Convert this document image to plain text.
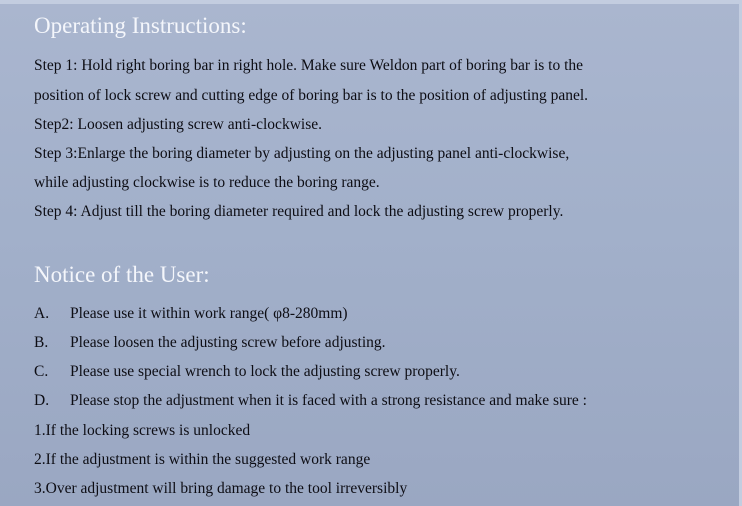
Operating Instructions:
Step 1: Hold right boring bar in right hole. Make sure Weldon part of boring bar is to the
position of lock screw and cutting edge of boring bar is to the position of adjusting panel.
Step2: Loosen adjusting screw anti-clockwise.
Step 3:Enlarge the boring diameter by adjusting on the adjusting panel anti-clockwise,
while adjusting clockwise is to reduce the boring range.
Step 4: Adjust till the boring diameter required and lock the adjusting screw properly.
Notice of the User:
A. Please use it within work range( φ8-280mm)
B. Please loosen the adjusting screw before adjusting.
C. Please use special wrench to lock the adjusting screw properly.
D. Please stop the adjustment when it is faced with a strong resistance and make sure :
1.If the locking screws is unlocked
2.If the adjustment is within the suggested work range
3.Over adjustment will bring damage to the tool irreversibly
